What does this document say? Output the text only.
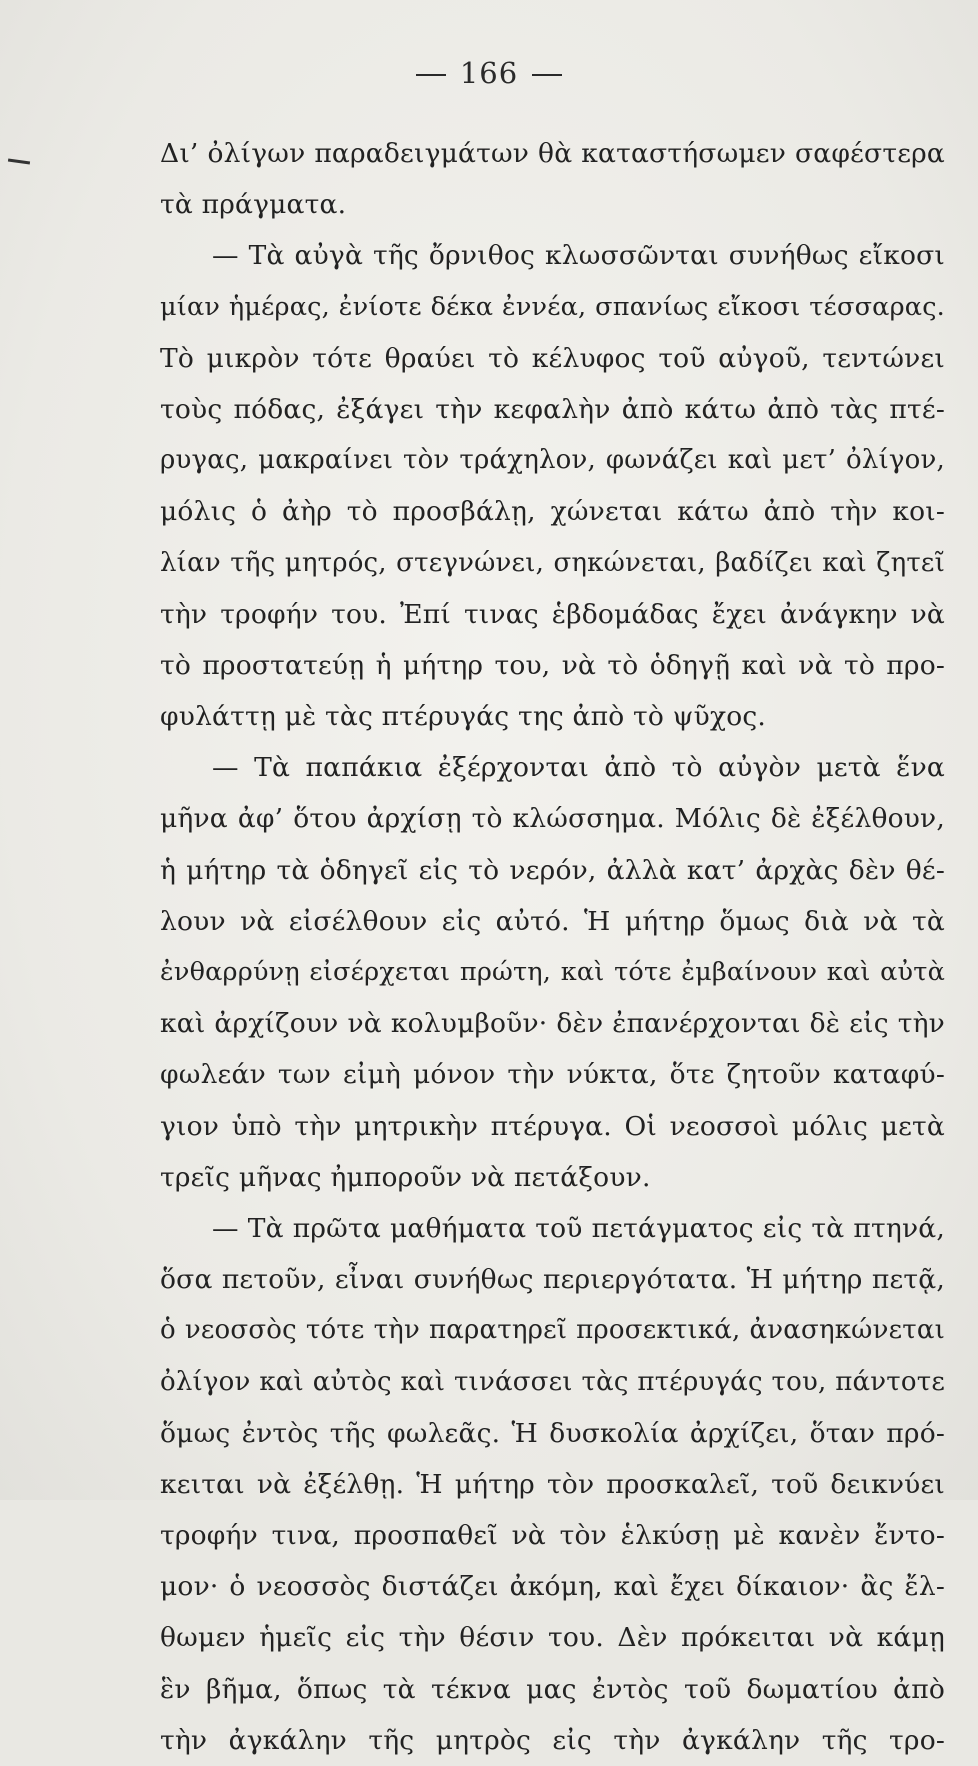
166
Δι’ ὀλίγων παραδειγμάτων θὰ καταστήσωμεν σαφέστερα
τὰ πράγματα.
— Τὰ αὐγὰ τῆς ὄρνιθος κλωσσῶνται συνήθως εἴκοσι
μίαν ἡμέρας, ἐνίοτε δέκα ἐννέα, σπανίως εἴκοσι τέσσαρας.
Τὸ μικρὸν τότε θραύει τὸ κέλυφος τοῦ αὐγοῦ, τεντώνει
τοὺς πόδας, ἐξάγει τὴν κεφαλὴν ἀπὸ κάτω ἀπὸ τὰς πτέ-
ρυγας, μακραίνει τὸν τράχηλον, φωνάζει καὶ μετ’ ὀλίγον,
μόλις ὁ ἀὴρ τὸ προσβάλῃ, χώνεται κάτω ἀπὸ τὴν κοι-
λίαν τῆς μητρός, στεγνώνει, σηκώνεται, βαδίζει καὶ ζητεῖ
τὴν τροφήν του. Ἐπί τινας ἑβδομάδας ἔχει ἀνάγκην νὰ
τὸ προστατεύῃ ἡ μήτηρ του, νὰ τὸ ὁδηγῇ καὶ νὰ τὸ προ-
φυλάττῃ μὲ τὰς πτέρυγάς της ἀπὸ τὸ ψῦχος.
— Τὰ παπάκια ἐξέρχονται ἀπὸ τὸ αὐγὸν μετὰ ἕνα
μῆνα ἀφ’ ὅτου ἀρχίσῃ τὸ κλώσσημα. Μόλις δὲ ἐξέλθουν,
ἡ μήτηρ τὰ ὁδηγεῖ εἰς τὸ νερόν, ἀλλὰ κατ’ ἀρχὰς δὲν θέ-
λουν νὰ εἰσέλθουν εἰς αὐτό. Ἡ μήτηρ ὅμως διὰ νὰ τὰ
ἐνθαρρύνῃ εἰσέρχεται πρώτη, καὶ τότε ἐμβαίνουν καὶ αὐτὰ
καὶ ἀρχίζουν νὰ κολυμβοῦν· δὲν ἐπανέρχονται δὲ εἰς τὴν
φωλεάν των εἰμὴ μόνον τὴν νύκτα, ὅτε ζητοῦν καταφύ-
γιον ὑπὸ τὴν μητρικὴν πτέρυγα. Οἱ νεοσσοὶ μόλις μετὰ
τρεῖς μῆνας ἠμποροῦν νὰ πετάξουν.
— Τὰ πρῶτα μαθήματα τοῦ πετάγματος εἰς τὰ πτηνά,
ὅσα πετοῦν, εἶναι συνήθως περιεργότατα. Ἡ μήτηρ πετᾷ,
ὁ νεοσσὸς τότε τὴν παρατηρεῖ προσεκτικά, ἀνασηκώνεται
ὀλίγον καὶ αὐτὸς καὶ τινάσσει τὰς πτέρυγάς του, πάντοτε
ὅμως ἐντὸς τῆς φωλεᾶς. Ἡ δυσκολία ἀρχίζει, ὅταν πρό-
κειται νὰ ἐξέλθῃ. Ἡ μήτηρ τὸν προσκαλεῖ, τοῦ δεικνύει
τροφήν τινα, προσπαθεῖ νὰ τὸν ἑλκύσῃ μὲ κανὲν ἔντο-
μον· ὁ νεοσσὸς διστάζει ἀκόμη, καὶ ἔχει δίκαιον· ἂς ἔλ-
θωμεν ἡμεῖς εἰς τὴν θέσιν του. Δὲν πρόκειται νὰ κάμῃ
ἓν βῆμα, ὅπως τὰ τέκνα μας ἐντὸς τοῦ δωματίου ἀπὸ
τὴν ἀγκάλην τῆς μητρὸς εἰς τὴν ἀγκάλην τῆς τρο-
